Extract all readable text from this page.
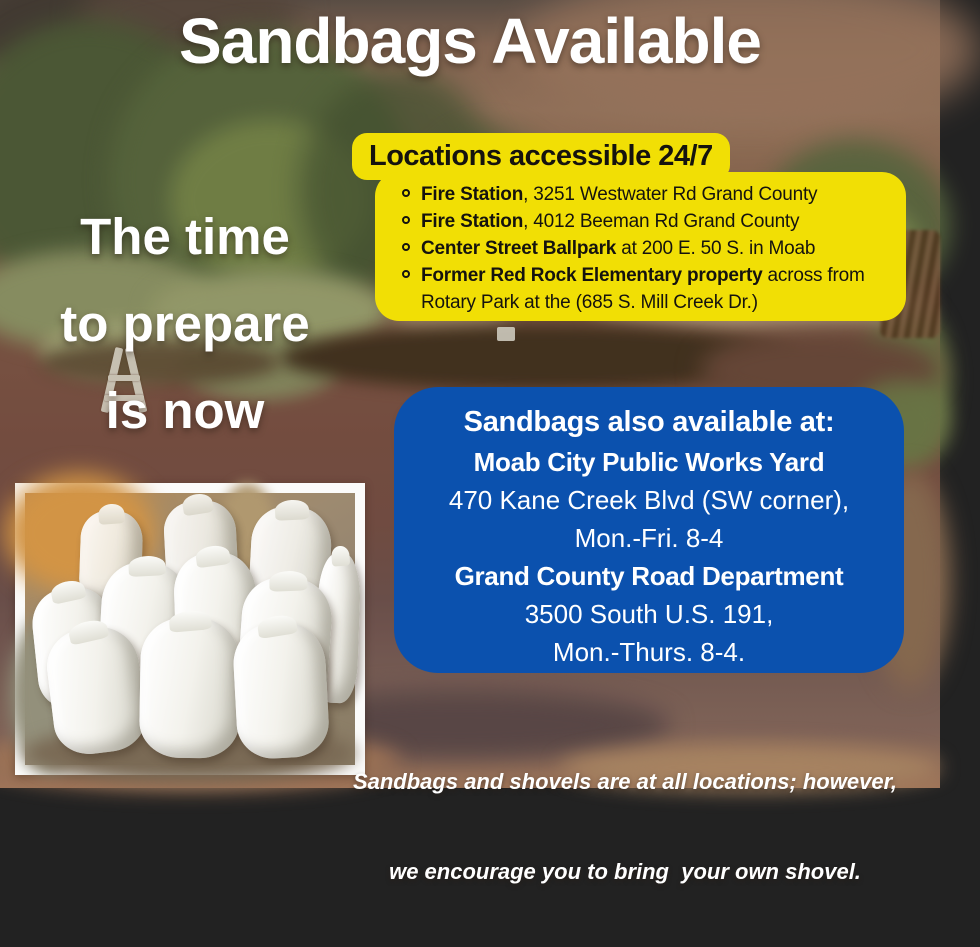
Sandbags Available
The time
to prepare
is now
Locations accessible 24/7
Fire Station, 3251 Westwater Rd Grand County
Fire Station, 4012 Beeman Rd Grand County
Center Street Ballpark at 200 E. 50 S. in Moab
Former Red Rock Elementary property across from Rotary Park at the (685 S. Mill Creek Dr.)
Sandbags also available at:
Moab City Public Works Yard
470 Kane Creek Blvd (SW corner),
Mon.-Fri. 8-4
Grand County Road Department
3500 South U.S. 191,
Mon.-Thurs. 8-4.

Sandbags and shovels are at all locations; however,

we encourage you to bring  your own shovel.
